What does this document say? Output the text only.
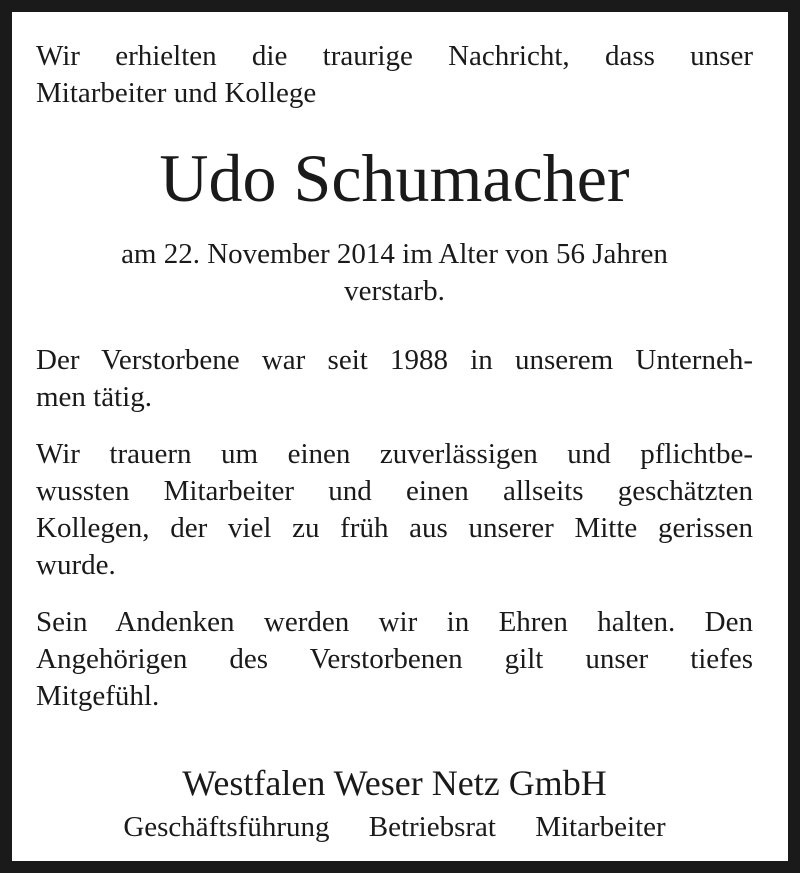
Wir erhielten die traurige Nachricht, dass unser
Mitarbeiter und Kollege
Udo Schumacher
am 22. November 2014 im Alter von 56 Jahren
verstarb.
Der Verstorbene war seit 1988 in unserem Unterneh-
men tätig.
Wir trauern um einen zuverlässigen und pflichtbe-
wussten Mitarbeiter und einen allseits geschätzten
Kollegen, der viel zu früh aus unserer Mitte gerissen
wurde.
Sein Andenken werden wir in Ehren halten. Den
Angehörigen des Verstorbenen gilt unser tiefes
Mitgefühl.
Westfalen Weser Netz GmbH
Geschäftsführung Betriebsrat Mitarbeiter
